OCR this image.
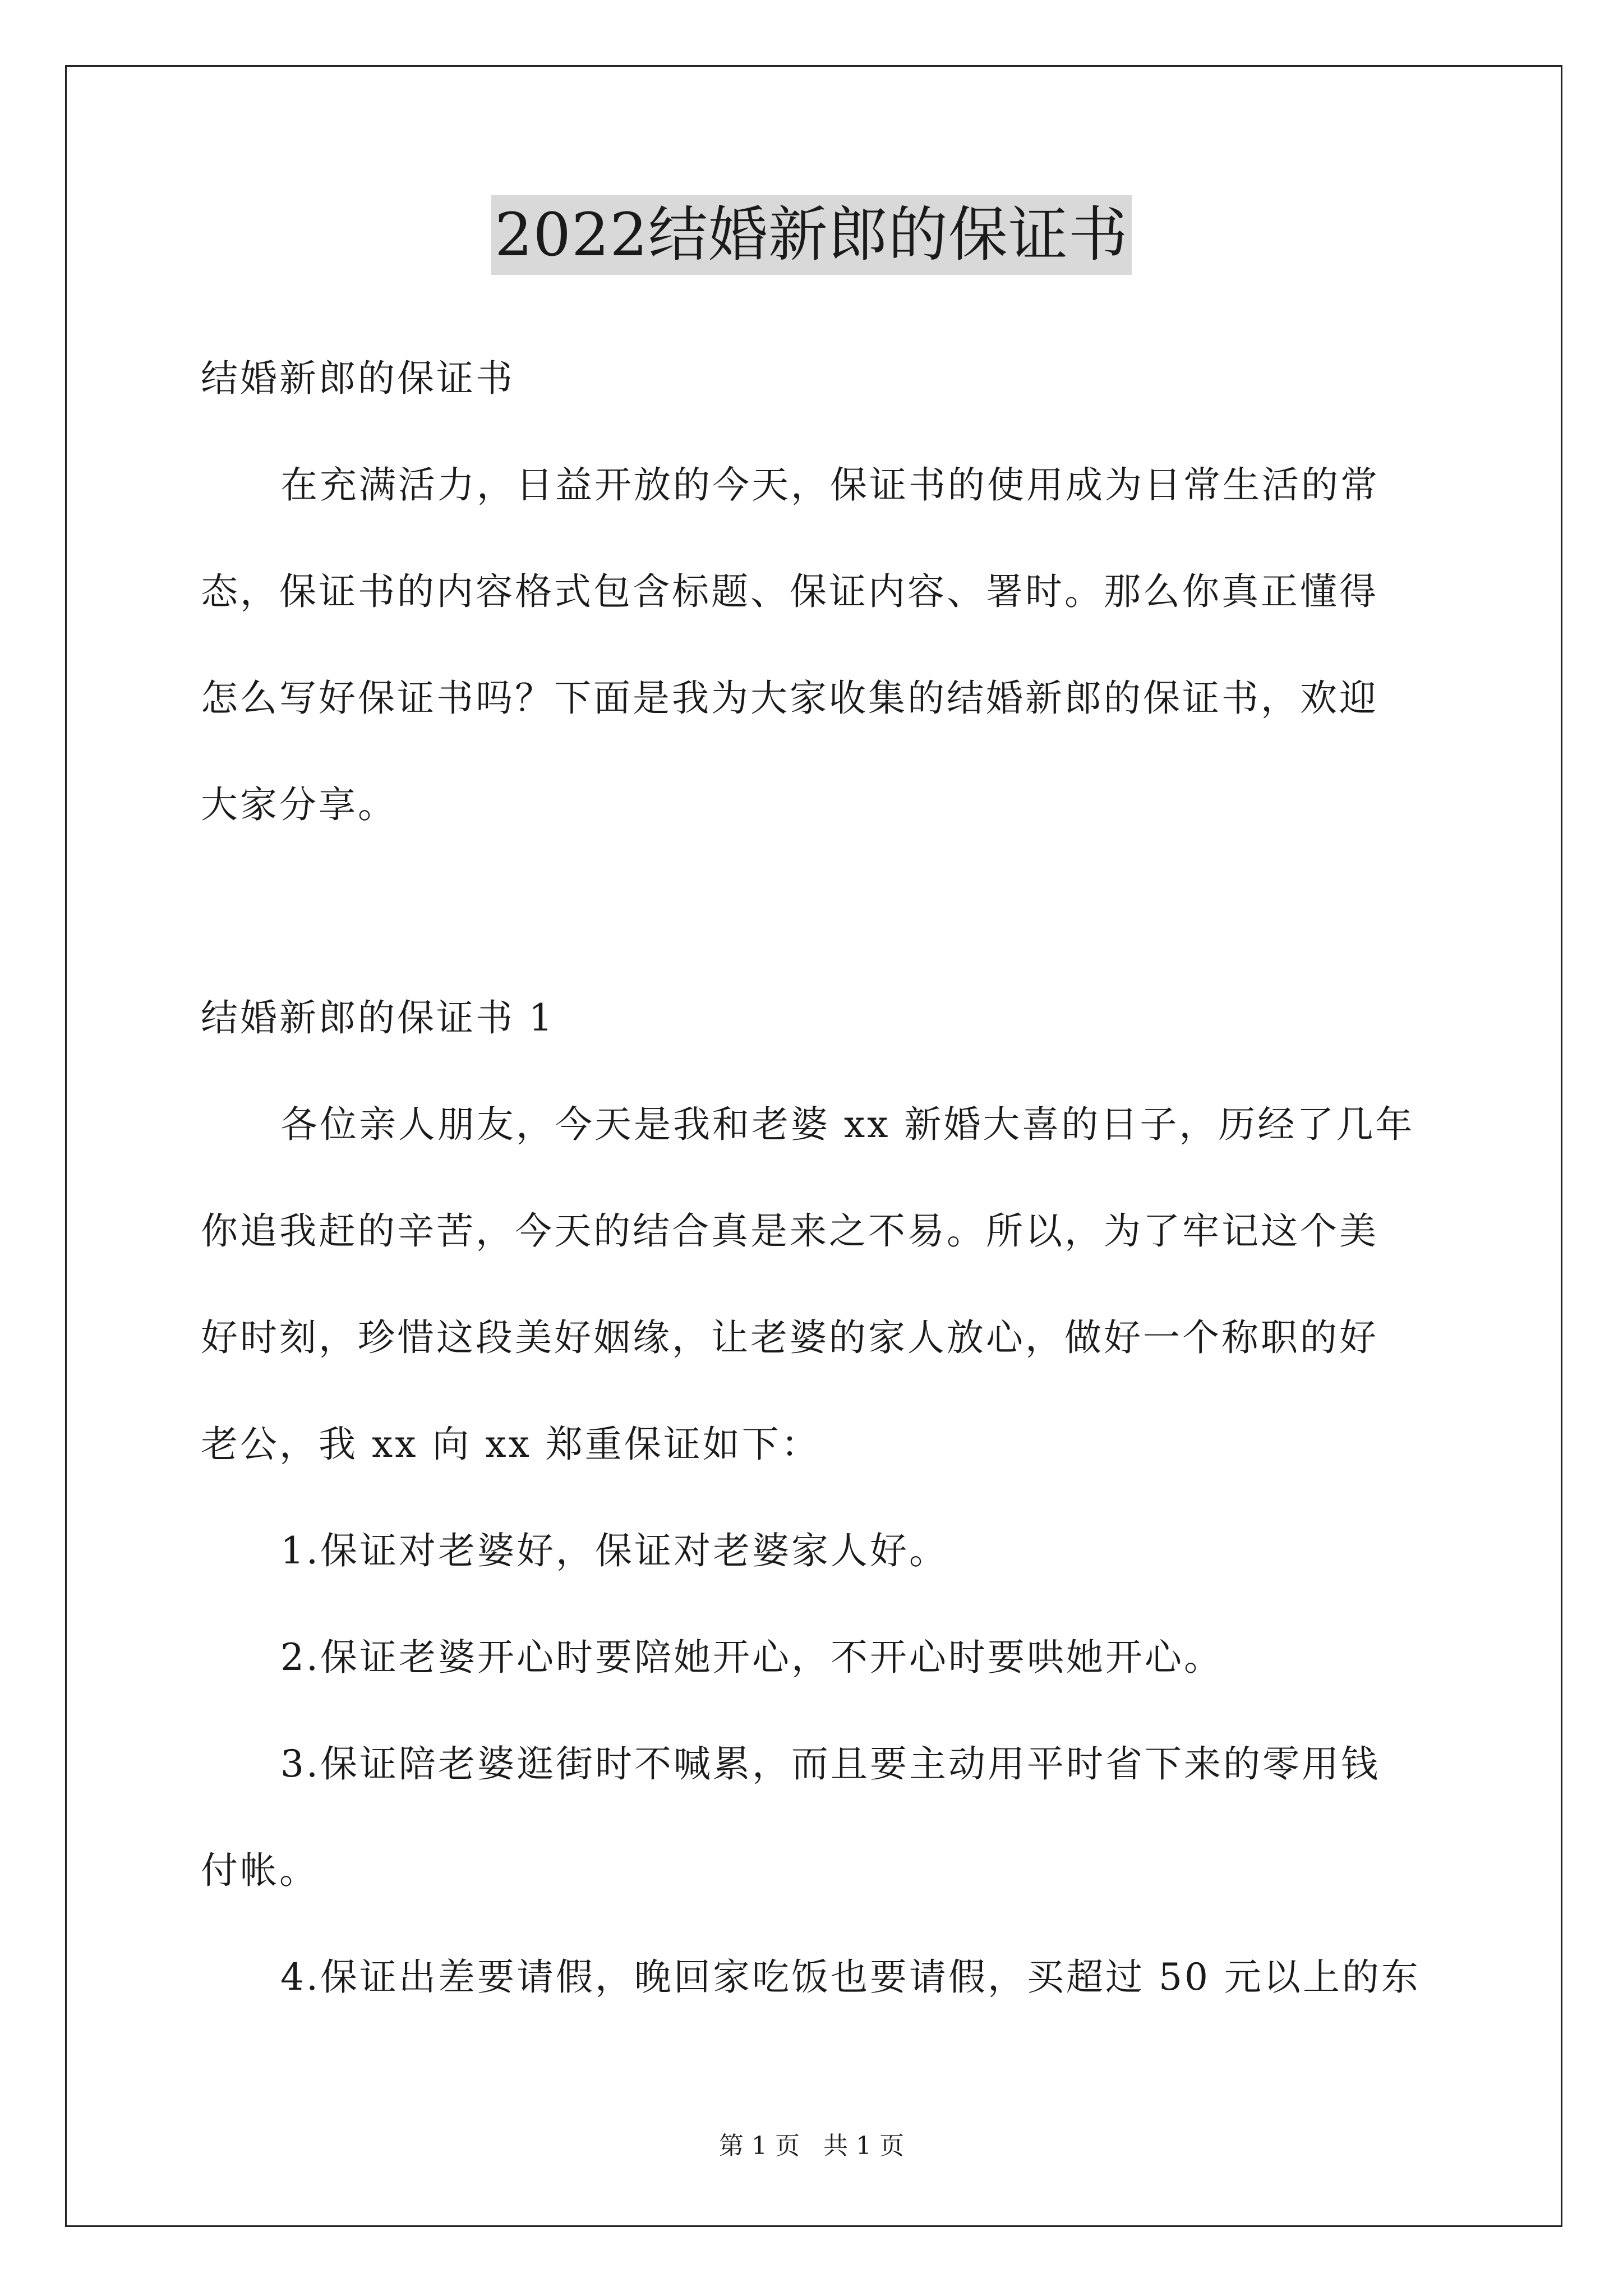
2022结婚新郎的保证书
结婚新郎的保证书
在充满活力，日益开放的今天，保证书的使用成为日常生活的常
态，保证书的内容格式包含标题、保证内容、署时。那么你真正懂得
怎么写好保证书吗？下面是我为大家收集的结婚新郎的保证书，欢迎
大家分享。
结婚新郎的保证书 1
各位亲人朋友，今天是我和老婆 xx 新婚大喜的日子，历经了几年
你追我赶的辛苦，今天的结合真是来之不易。所以，为了牢记这个美
好时刻，珍惜这段美好姻缘，让老婆的家人放心，做好一个称职的好
老公，我 xx 向 xx 郑重保证如下：
1.保证对老婆好，保证对老婆家人好。
2.保证老婆开心时要陪她开心，不开心时要哄她开心。
3.保证陪老婆逛街时不喊累，而且要主动用平时省下来的零用钱
付帐。
4.保证出差要请假，晚回家吃饭也要请假，买超过 50 元以上的东
第 1 页 共 1 页
